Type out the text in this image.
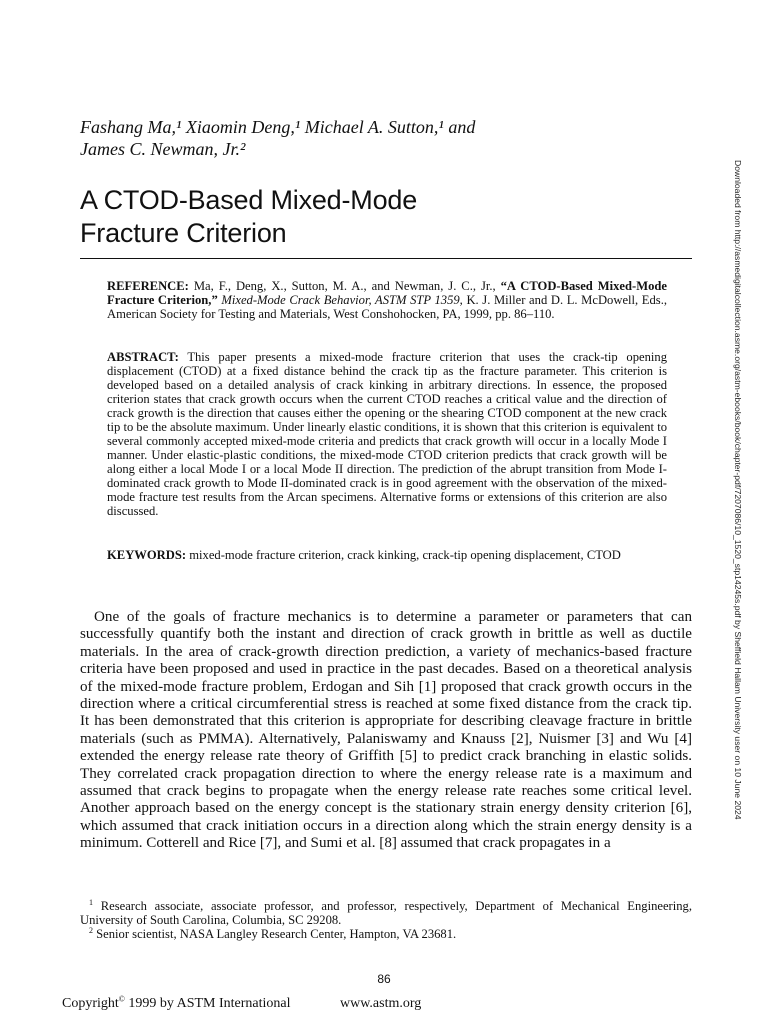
Fashang Ma,¹ Xiaomin Deng,¹ Michael A. Sutton,¹ and
James C. Newman, Jr.²
A CTOD-Based Mixed-Mode
Fracture Criterion
REFERENCE: Ma, F., Deng, X., Sutton, M. A., and Newman, J. C., Jr., “A CTOD-Based Mixed-Mode Fracture Criterion,” Mixed-Mode Crack Behavior, ASTM STP 1359, K. J. Miller and D. L. McDowell, Eds., American Society for Testing and Materials, West Conshohocken, PA, 1999, pp. 86–110.
ABSTRACT: This paper presents a mixed-mode fracture criterion that uses the crack-tip opening displacement (CTOD) at a fixed distance behind the crack tip as the fracture parameter. This criterion is developed based on a detailed analysis of crack kinking in arbitrary directions. In essence, the proposed criterion states that crack growth occurs when the current CTOD reaches a critical value and the direction of crack growth is the direction that causes either the opening or the shearing CTOD component at the new crack tip to be the absolute maximum. Under linearly elastic conditions, it is shown that this criterion is equivalent to several commonly accepted mixed-mode criteria and predicts that crack growth will occur in a locally Mode I manner. Under elastic-plastic conditions, the mixed-mode CTOD criterion predicts that crack growth will be along either a local Mode I or a local Mode II direction. The prediction of the abrupt transition from Mode I-dominated crack growth to Mode II-dominated crack is in good agreement with the observation of the mixed-mode fracture test results from the Arcan specimens. Alternative forms or extensions of this criterion are also discussed.
KEYWORDS: mixed-mode fracture criterion, crack kinking, crack-tip opening displacement, CTOD
One of the goals of fracture mechanics is to determine a parameter or parameters that can successfully quantify both the instant and direction of crack growth in brittle as well as ductile materials. In the area of crack-growth direction prediction, a variety of mechanics-based fracture criteria have been proposed and used in practice in the past decades. Based on a theoretical analysis of the mixed-mode fracture problem, Erdogan and Sih [1] proposed that crack growth occurs in the direction where a critical circumferential stress is reached at some fixed distance from the crack tip. It has been demonstrated that this criterion is appropriate for describing cleavage fracture in brittle materials (such as PMMA). Alternatively, Palaniswamy and Knauss [2], Nuismer [3] and Wu [4] extended the energy release rate theory of Griffith [5] to predict crack branching in elastic solids. They correlated crack propagation direction to where the energy release rate is a maximum and assumed that crack begins to propagate when the energy release rate reaches some critical level. Another approach based on the energy concept is the stationary strain energy density criterion [6], which assumed that crack initiation occurs in a direction along which the strain energy density is a minimum. Cotterell and Rice [7], and Sumi et al. [8] assumed that crack propagates in a

$^1$ Research associate, associate professor, and professor, respectively, Department of Mechanical Engineering, University of South Carolina, Columbia, SC 29208.

$^2$ Senior scientist, NASA Langley Research Center, Hampton, VA 23681.

86
Copyright© 1999 by ASTM International	www.astm.org
Downloaded from http://asmedigitalcollection.asme.org/astm-ebooks/book/chapter-pdf/7207086/10_1520_stp14245s.pdf by Sheffield Hallam University user on 10 June 2024
